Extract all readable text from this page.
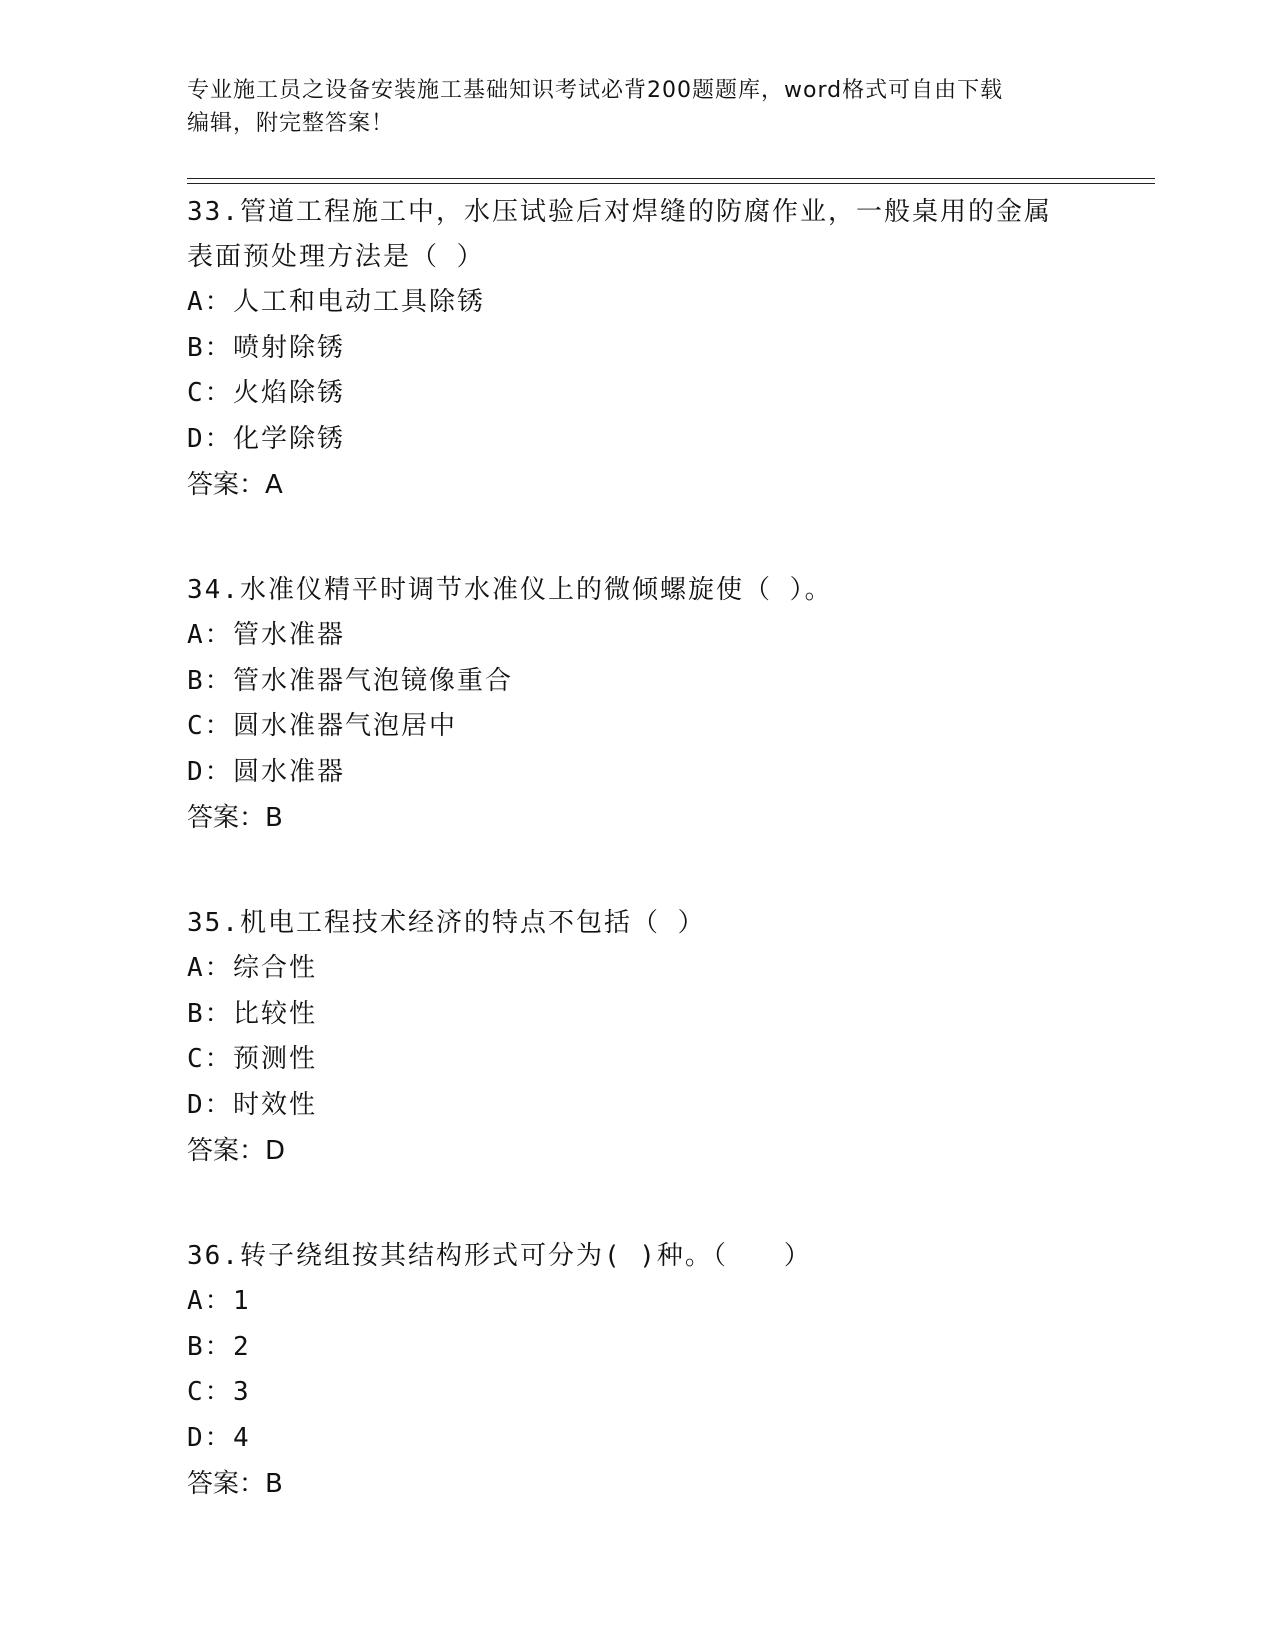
专业施工员之设备安装施工基础知识考试必背200题题库，word格式可自由下载
编辑，附完整答案！

33.管道工程施工中，水压试验后对焊缝的防腐作业，一般桌用的金属

表面预处理方法是（ ）

A：人工和电动工具除锈

B：喷射除锈

C：火焰除锈

D：化学除锈

答案：A

34.水准仪精平时调节水准仪上的微倾螺旋使（ ）。

A：管水准器

B：管水准器气泡镜像重合

C：圆水准器气泡居中

D：圆水准器

答案：B

35.机电工程技术经济的特点不包括（ ）

A：综合性

B：比较性

C：预测性

D：时效性

答案：D

36.转子绕组按其结构形式可分为( )种。（　　）

A：1

B：2

C：3

D：4

答案：B
